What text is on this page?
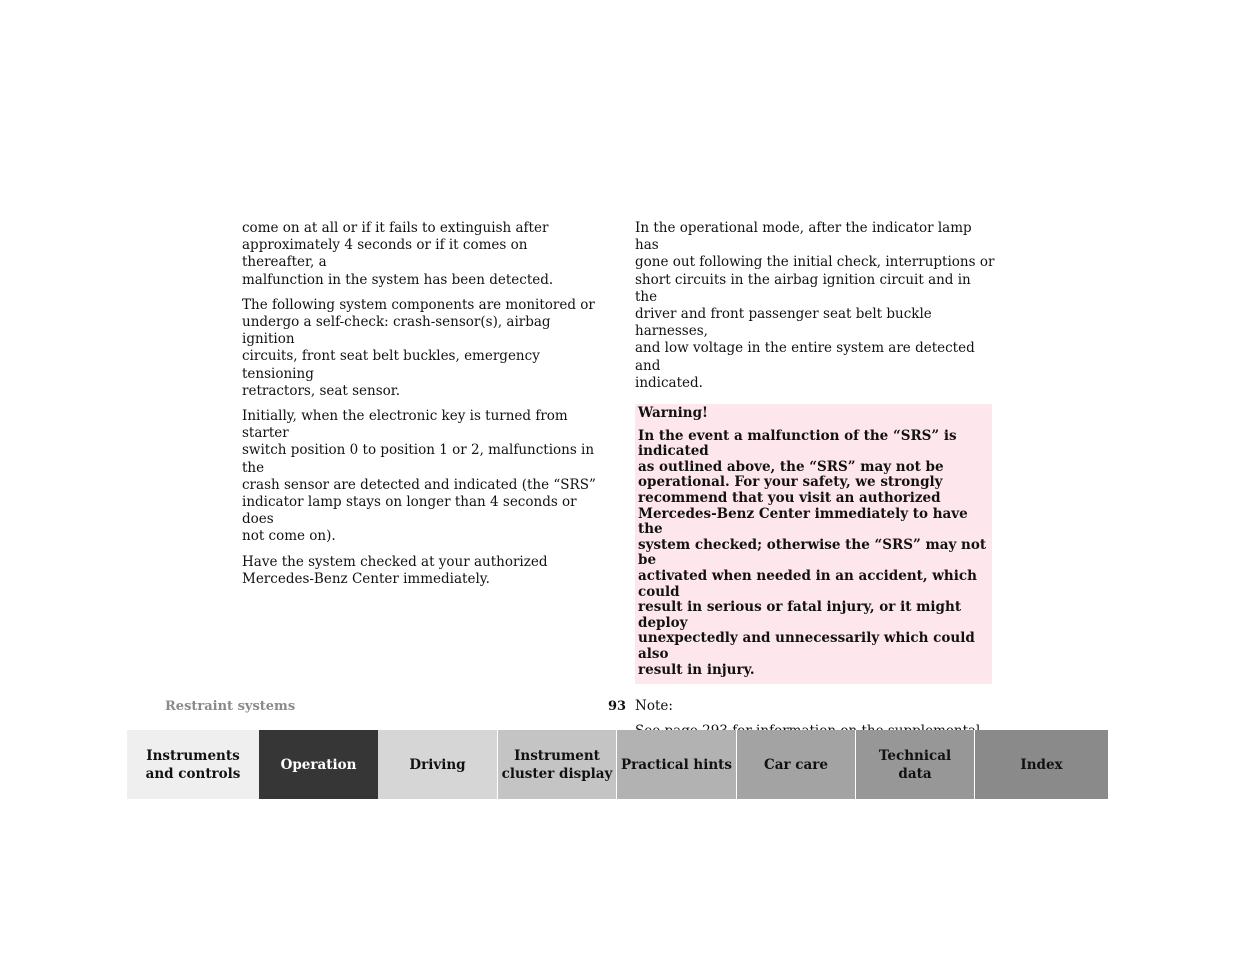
come on at all or if it fails to extinguish after
approximately 4 seconds or if it comes on thereafter, a
malfunction in the system has been detected.

The following system components are monitored or
undergo a self-check: crash-sensor(s), airbag ignition
circuits, front seat belt buckles, emergency tensioning
retractors, seat sensor.

Initially, when the electronic key is turned from starter
switch position 0 to position 1 or 2, malfunctions in the
crash sensor are detected and indicated (the “SRS”
indicator lamp stays on longer than 4 seconds or does
not come on).

Have the system checked at your authorized
Mercedes-Benz Center immediately.

In the operational mode, after the indicator lamp has
gone out following the initial check, interruptions or
short circuits in the airbag ignition circuit and in the
driver and front passenger seat belt buckle harnesses,
and low voltage in the entire system are detected and
indicated.

Warning!

In the event a malfunction of the “SRS” is indicated
as outlined above, the “SRS” may not be
operational. For your safety, we strongly
recommend that you visit an authorized
Mercedes-Benz Center immediately to have the
system checked; otherwise the “SRS” may not be
activated when needed in an accident, which could
result in serious or fatal injury, or it might deploy
unexpectedly and unnecessarily which could also
result in injury.

Note:

Restraint systems	93
Instruments
and controls
Operation	Driving
Instrument
cluster display
Practical hints	Car care
Technical
data
Index
